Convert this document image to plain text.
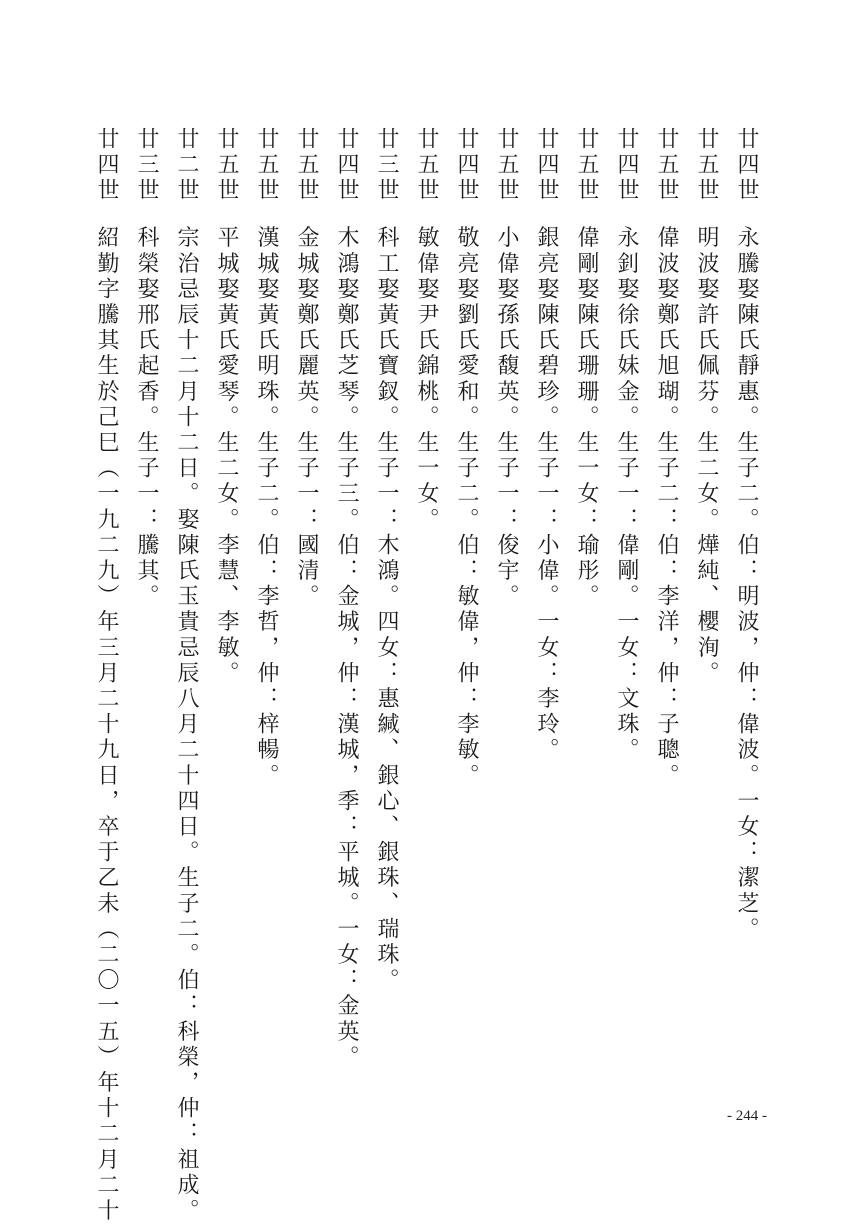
廿四世永騰娶陳氏靜惠。生子二。伯：明波，仲：偉波。一女：潔芝。
廿五世明波娶許氏佩芬。生二女。燁純、櫻洵。
廿五世偉波娶鄭氏旭瑚。生子二：伯：李洋，仲：子聰。
廿四世永釗娶徐氏妹金。生子一：偉剛。一女：文珠。
廿五世偉剛娶陳氏珊珊。生一女：瑜彤。
廿四世銀亮娶陳氏碧珍。生子一：小偉。一女：李玲。
廿五世小偉娶孫氏馥英。生子一：俊宇。
廿四世敬亮娶劉氏愛和。生子二。伯：敏偉，仲：李敏。
廿五世敏偉娶尹氏錦桃。生一女。
廿三世科工娶黃氏寶釵。生子一：木鴻。四女：惠緘、銀心、銀珠、瑞珠。
廿四世木鴻娶鄭氏芝琴。生子三。伯：金城，仲：漢城，季：平城。一女：金英。
廿五世金城娶鄭氏麗英。生子一：國清。
廿五世漢城娶黃氏明珠。生子二。伯：李哲，仲：梓暢。
廿五世平城娶黃氏愛琴。生二女。李慧、李敏。
廿二世宗治忌辰十二月十二日。娶陳氏玉貴忌辰八月二十四日。生子二。伯：科榮，仲：祖成。
廿三世科榮娶邢氏起香。生子一：騰其。
廿四世紹勤字騰其生於己巳（一九二九）年三月二十九日，卒于乙未（二〇一五）年十二月二十	- 244 -
